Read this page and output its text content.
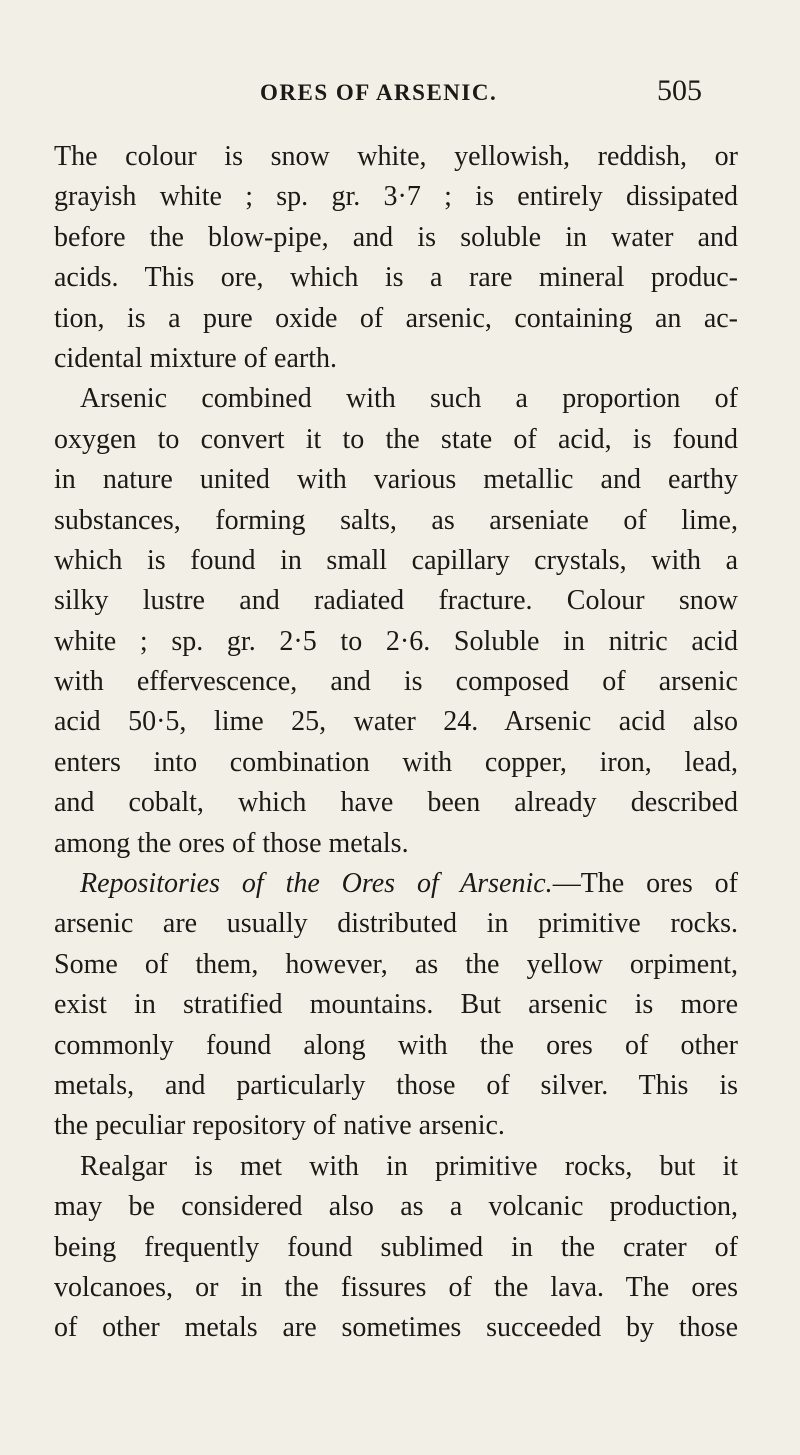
ORES OF ARSENIC.	505
The colour is snow white, yellowish, reddish, or
grayish white ; sp. gr. 3·7 ; is entirely dissipated
before the blow-pipe, and is soluble in water and
acids. This ore, which is a rare mineral produc-
tion, is a pure oxide of arsenic, containing an ac-
cidental mixture of earth.
Arsenic combined with such a proportion of
oxygen to convert it to the state of acid, is found
in nature united with various metallic and earthy
substances, forming salts, as arseniate of lime,
which is found in small capillary crystals, with a
silky lustre and radiated fracture. Colour snow
white ; sp. gr. 2·5 to 2·6. Soluble in nitric acid
with effervescence, and is composed of arsenic
acid 50·5, lime 25, water 24. Arsenic acid also
enters into combination with copper, iron, lead,
and cobalt, which have been already described
among the ores of those metals.
Repositories of the Ores of Arsenic.—The ores of
arsenic are usually distributed in primitive rocks.
Some of them, however, as the yellow orpiment,
exist in stratified mountains. But arsenic is more
commonly found along with the ores of other
metals, and particularly those of silver. This is
the peculiar repository of native arsenic.
Realgar is met with in primitive rocks, but it
may be considered also as a volcanic production,
being frequently found sublimed in the crater of
volcanoes, or in the fissures of the lava. The ores
of other metals are sometimes succeeded by those
